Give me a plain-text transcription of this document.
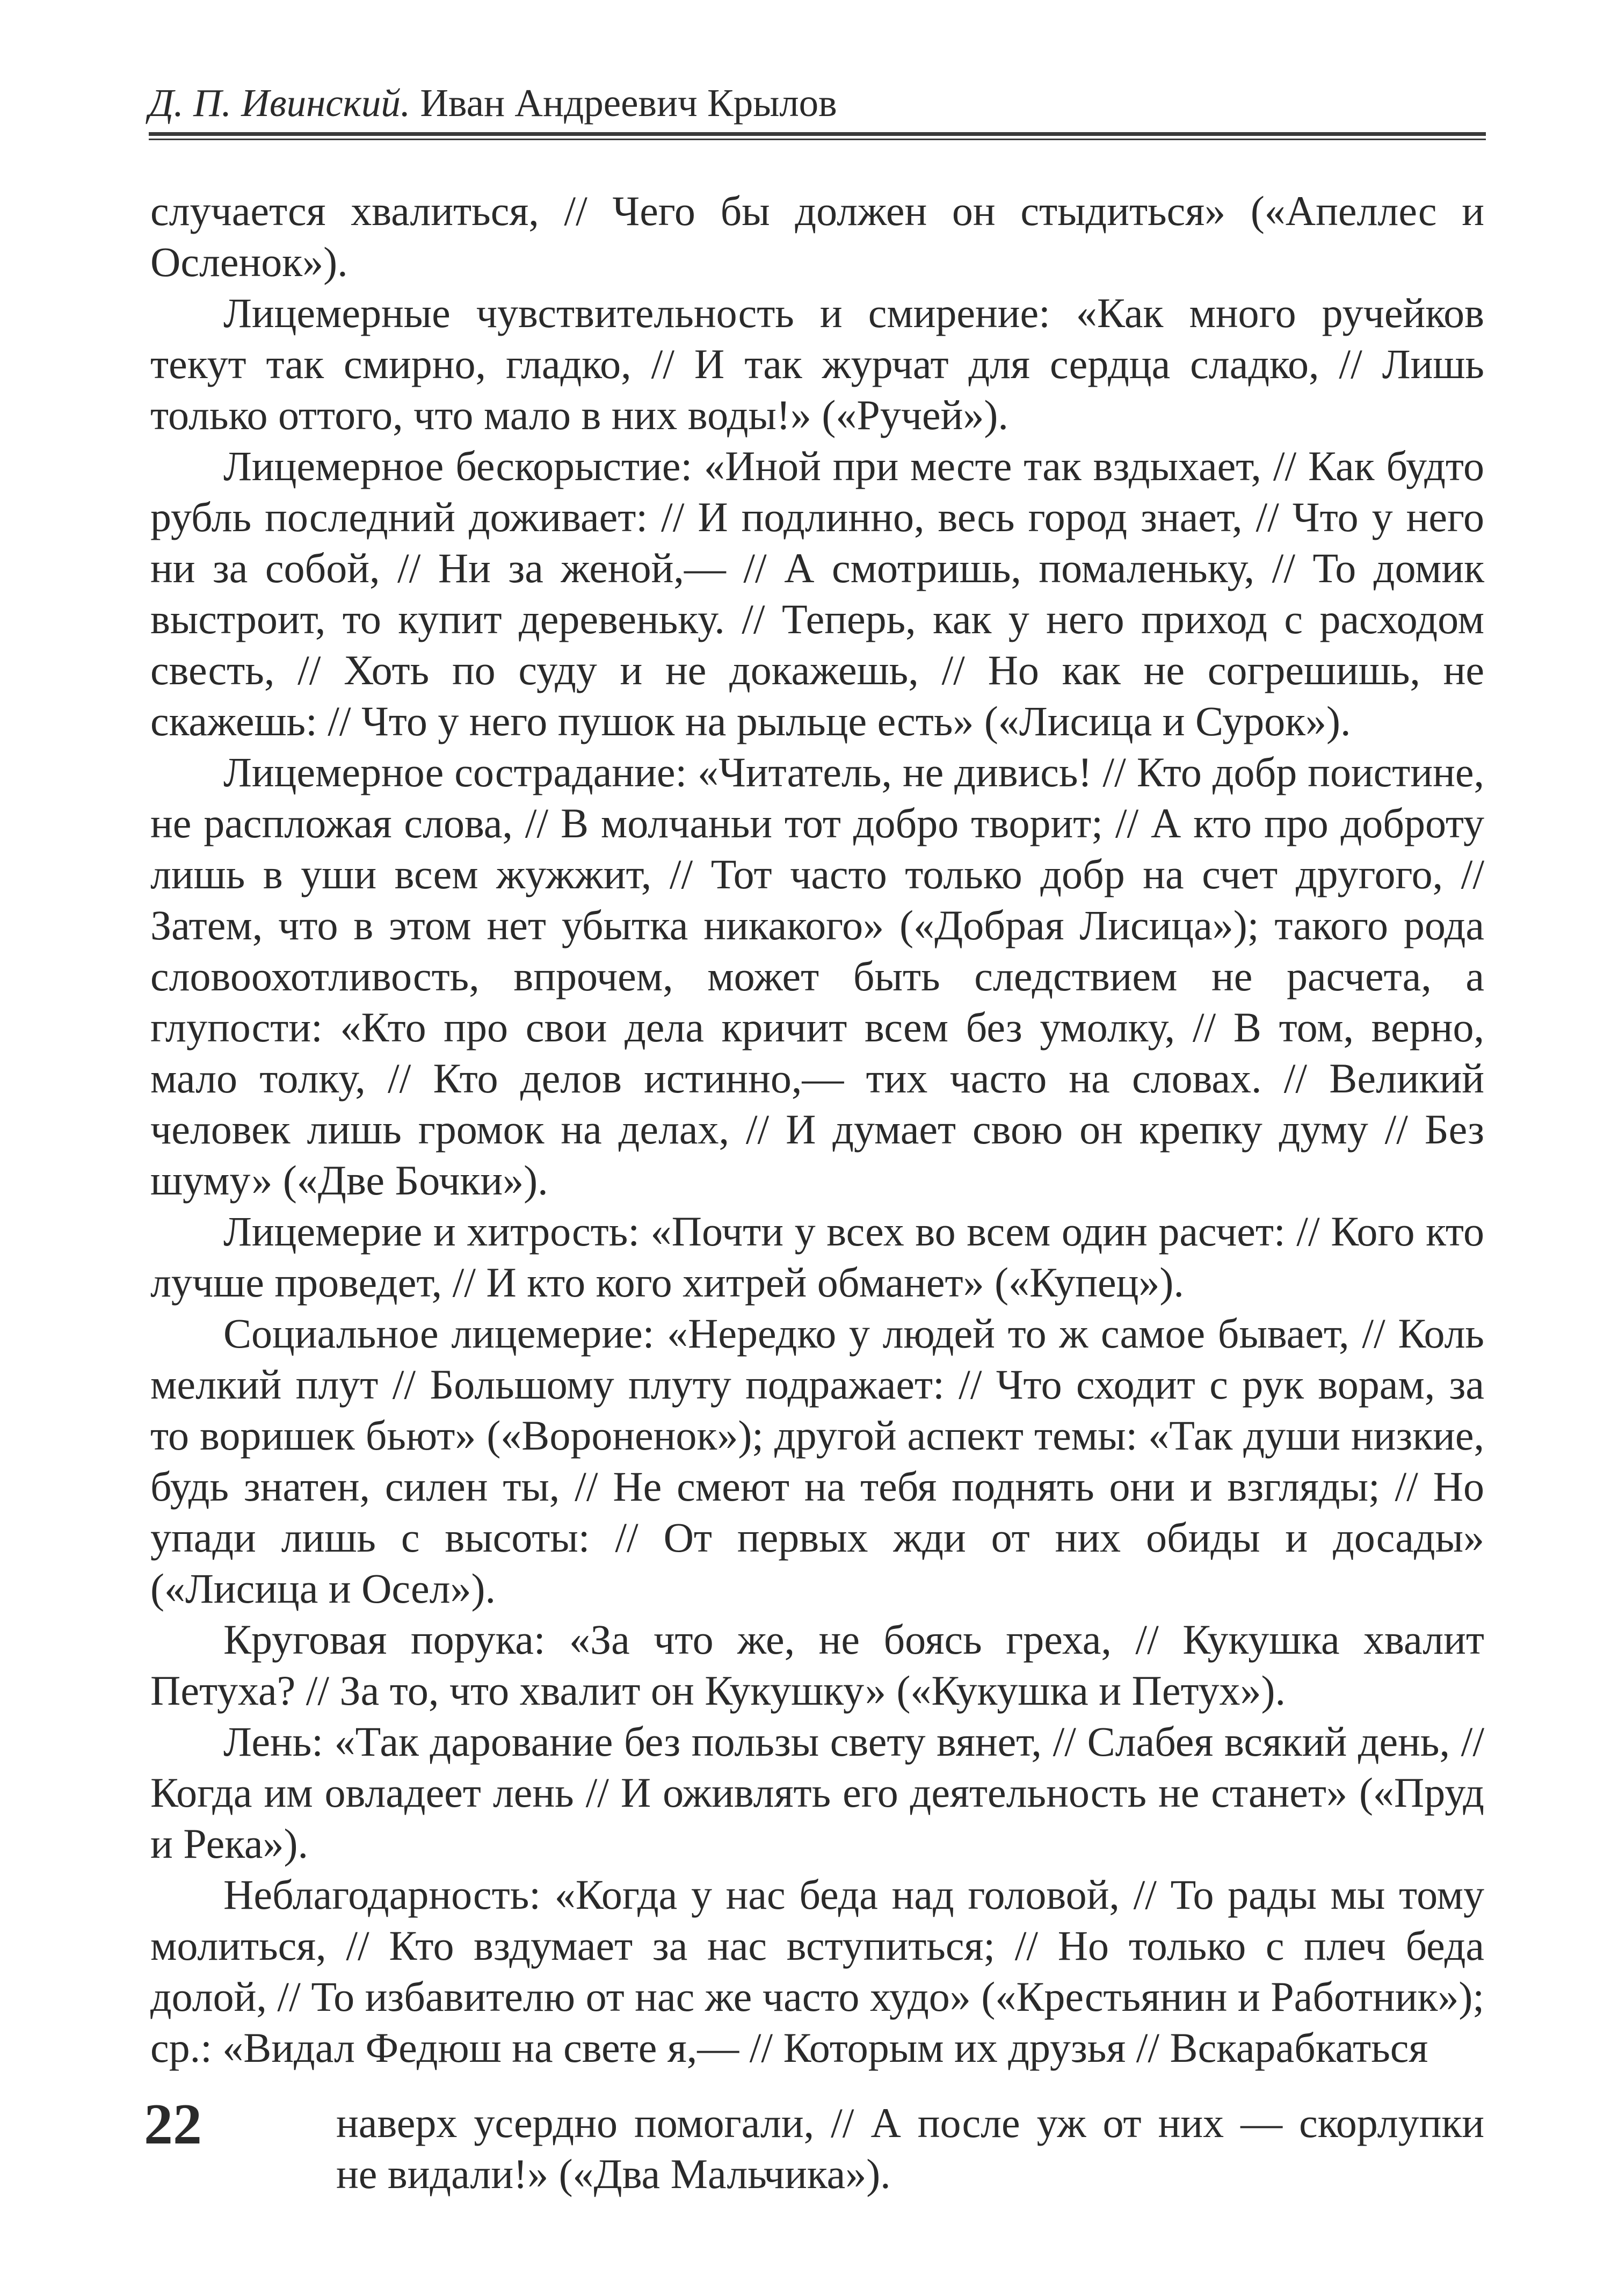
Д. П. Ивинский. Иван Андреевич Крылов

случается хвалиться, // Чего бы должен он стыдиться» («Апеллес и Осленок»).

Лицемерные чувствительность и смирение: «Как много ручейков текут так смирно, гладко, // И так журчат для сердца сладко, // Лишь только оттого, что мало в них воды!» («Ручей»).

Лицемерное бескорыстие: «Иной при месте так вздыхает, // Как будто рубль последний доживает: // И подлинно, весь город знает, // Что у него ни за собой, // Ни за женой,— // А смотришь, помаленьку, // То домик выстроит, то купит деревеньку. // Теперь, как у него приход с расходом свесть, // Хоть по суду и не докажешь, // Но как не согрешишь, не скажешь: // Что у него пушок на рыльце есть» («Лисица и Сурок»).

Лицемерное сострадание: «Читатель, не дивись! // Кто добр поистине, не распложая слова, // В молчаньи тот добро творит; // А кто про доброту лишь в уши всем жужжит, // Тот часто только добр на счет другого, // Затем, что в этом нет убытка никакого» («Добрая Лисица»); такого рода словоохотливость, впрочем, может быть следствием не расчета, а глупости: «Кто про свои дела кричит всем без умолку, // В том, верно, мало толку, // Кто делов истинно,— тих часто на словах. // Великий человек лишь громок на делах, // И думает свою он крепку думу // Без шуму» («Две Бочки»).

Лицемерие и хитрость: «Почти у всех во всем один расчет: // Кого кто лучше проведет, // И кто кого хитрей обманет» («Купец»).

Социальное лицемерие: «Нередко у людей то ж самое бывает, // Коль мелкий плут // Большому плуту подражает: // Что сходит с рук ворам, за то воришек бьют» («Вороненок»); другой аспект темы: «Так души низкие, будь знатен, силен ты, // Не смеют на тебя поднять они и взгляды; // Но упади лишь с высоты: // От первых жди от них обиды и досады» («Лисица и Осел»).

Круговая порука: «За что же, не боясь греха, // Кукушка хвалит Петуха? // За то, что хвалит он Кукушку» («Кукушка и Петух»).

Лень: «Так дарование без пользы свету вянет, // Слабея всякий день, // Когда им овладеет лень // И оживлять его деятельность не станет» («Пруд и Река»).

Неблагодарность: «Когда у нас беда над головой, // То рады мы тому молиться, // Кто вздумает за нас вступиться; // Но только с плеч беда долой, // То избавителю от нас же часто худо» («Крестьянин и Работник»); ср.: «Видал Федюш на свете я,— // Которым их друзья // Вскарабкаться

наверх усердно помогали, // А после уж от них — скорлупки
не видали!» («Два Мальчика»).
22
